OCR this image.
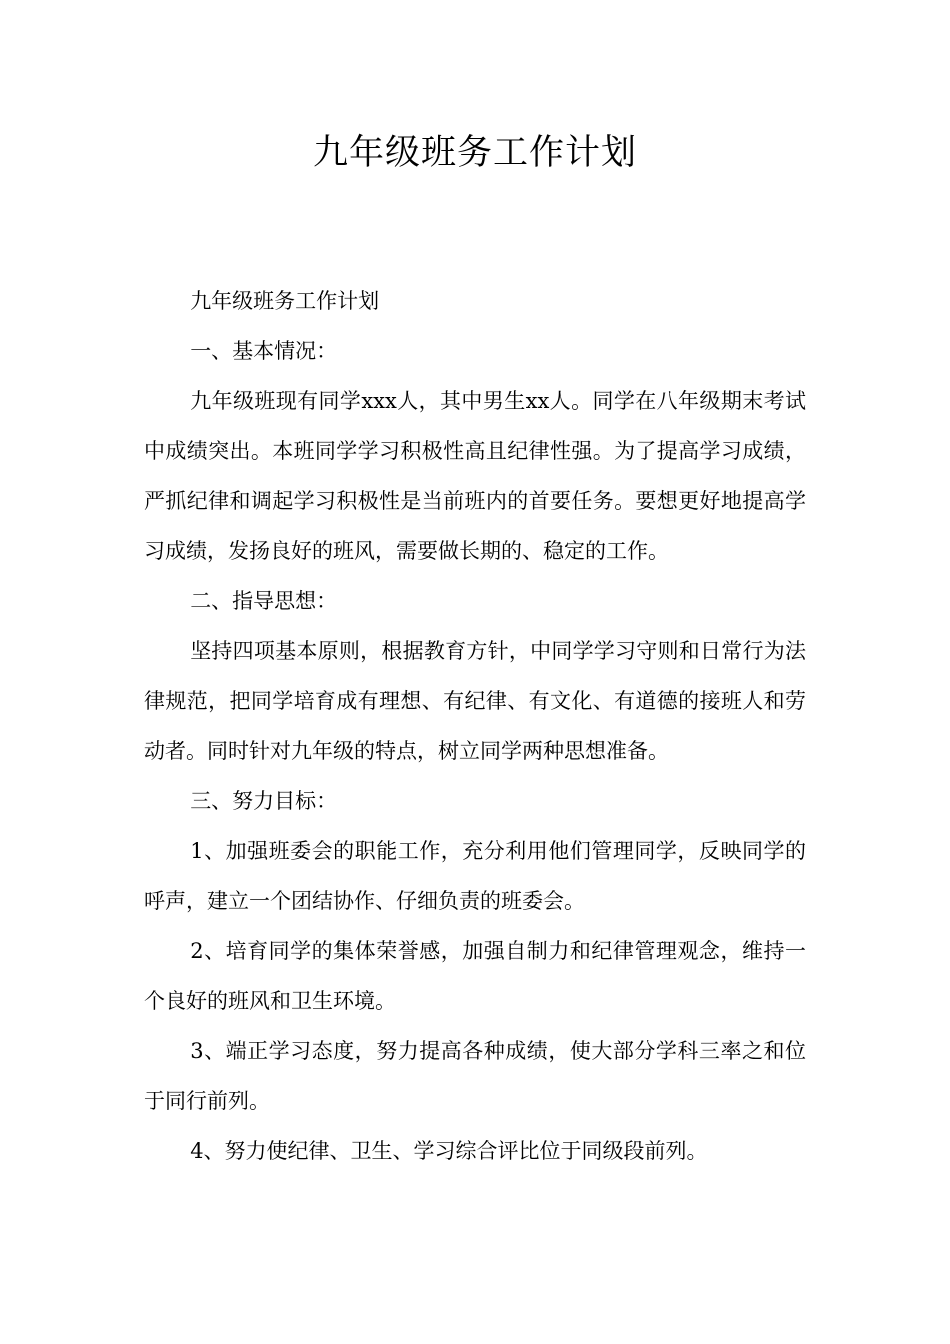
九年级班务工作计划

九年级班务工作计划

一、基本情况：

九年级班现有同学xxx人，其中男生xx人。同学在八年级期末考试中成绩突出。本班同学学习积极性高且纪律性强。为了提高学习成绩，严抓纪律和调起学习积极性是当前班内的首要任务。要想更好地提高学习成绩，发扬良好的班风，需要做长期的、稳定的工作。

二、指导思想：

坚持四项基本原则，根据教育方针，中同学学习守则和日常行为法律规范，把同学培育成有理想、有纪律、有文化、有道德的接班人和劳动者。同时针对九年级的特点，树立同学两种思想准备。

三、努力目标：

1、加强班委会的职能工作，充分利用他们管理同学，反映同学的呼声，建立一个团结协作、仔细负责的班委会。

2、培育同学的集体荣誉感，加强自制力和纪律管理观念，维持一个良好的班风和卫生环境。

3、端正学习态度，努力提高各种成绩，使大部分学科三率之和位于同行前列。

4、努力使纪律、卫生、学习综合评比位于同级段前列。
